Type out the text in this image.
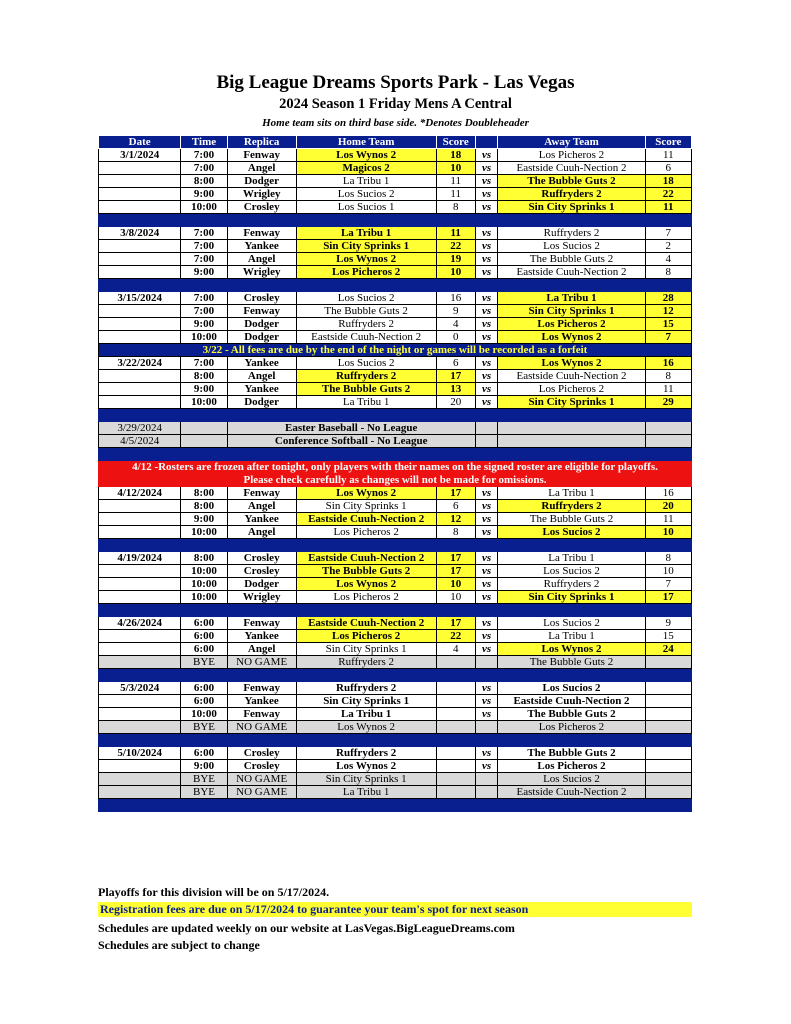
Big League Dreams Sports Park - Las Vegas
2024 Season 1 Friday Mens A Central
Home team sits on third base side. *Denotes Doubleheader
Date	Time	Replica	Home Team	Score		Away Team	Score
3/1/2024	7:00	Fenway	Los Wynos 2	18	vs	Los Picheros 2	11
	7:00	Angel	Magicos 2	10	vs	Eastside Cuuh-Nection 2	6
	8:00	Dodger	La Tribu 1	11	vs	The Bubble Guts 2	18
	9:00	Wrigley	Los Sucios 2	11	vs	Ruffryders 2	22
	10:00	Crosley	Los Sucios 1	8	vs	Sin City Sprinks 1	11

3/8/2024	7:00	Fenway	La Tribu 1	11	vs	Ruffryders 2	7
	7:00	Yankee	Sin City Sprinks 1	22	vs	Los Sucios 2	2
	7:00	Angel	Los Wynos 2	19	vs	The Bubble Guts 2	4
	9:00	Wrigley	Los Picheros 2	10	vs	Eastside Cuuh-Nection 2	8

3/15/2024	7:00	Crosley	Los Sucios 2	16	vs	La Tribu 1	28
	7:00	Fenway	The Bubble Guts 2	9	vs	Sin City Sprinks 1	12
	9:00	Dodger	Ruffryders 2	4	vs	Los Picheros 2	15
	10:00	Dodger	Eastside Cuuh-Nection 2	0	vs	Los Wynos 2	7
3/22 - All fees are due by the end of the night or games will be recorded as a forfeit							
3/22/2024	7:00	Yankee	Los Sucios 2	6	vs	Los Wynos 2	16
	8:00	Angel	Ruffryders 2	17	vs	Eastside Cuuh-Nection 2	8
	9:00	Yankee	The Bubble Guts 2	13	vs	Los Picheros 2	11
	10:00	Dodger	La Tribu 1	20	vs	Sin City Sprinks 1	29

3/29/2024		Easter Baseball - No League					
4/5/2024		Conference Softball - No League					

4/12 -Rosters are frozen after tonight, only players with their names on the signed roster are eligible for playoffs.							
Please check carefully as changes will not be made for omissions.							
4/12/2024	8:00	Fenway	Los Wynos 2	17	vs	La Tribu 1	16
	8:00	Angel	Sin City Sprinks 1	6	vs	Ruffryders 2	20
	9:00	Yankee	Eastside Cuuh-Nection 2	12	vs	The Bubble Guts 2	11
	10:00	Angel	Los Picheros 2	8	vs	Los Sucios 2	10

4/19/2024	8:00	Crosley	Eastside Cuuh-Nection 2	17	vs	La Tribu 1	8
	10:00	Crosley	The Bubble Guts 2	17	vs	Los Sucios 2	10
	10:00	Dodger	Los Wynos 2	10	vs	Ruffryders 2	7
	10:00	Wrigley	Los Picheros 2	10	vs	Sin City Sprinks 1	17

4/26/2024	6:00	Fenway	Eastside Cuuh-Nection 2	17	vs	Los Sucios 2	9
	6:00	Yankee	Los Picheros 2	22	vs	La Tribu 1	15
	6:00	Angel	Sin City Sprinks 1	4	vs	Los Wynos 2	24
	BYE	NO GAME	Ruffryders 2			The Bubble Guts 2	

5/3/2024	6:00	Fenway	Ruffryders 2		vs	Los Sucios 2	
	6:00	Yankee	Sin City Sprinks 1		vs	Eastside Cuuh-Nection 2	
	10:00	Fenway	La Tribu 1		vs	The Bubble Guts 2	
	BYE	NO GAME	Los Wynos 2			Los Picheros 2	

5/10/2024	6:00	Crosley	Ruffryders 2		vs	The Bubble Guts 2	
	9:00	Crosley	Los Wynos 2		vs	Los Picheros 2	
	BYE	NO GAME	Sin City Sprinks 1			Los Sucios 2	
	BYE	NO GAME	La Tribu 1			Eastside Cuuh-Nection 2	

Playoffs for this division will be on 5/17/2024.
Registration fees are due on 5/17/2024 to guarantee your team's spot for next season
Schedules are updated weekly on our website at LasVegas.BigLeagueDreams.com
Schedules are subject to change
